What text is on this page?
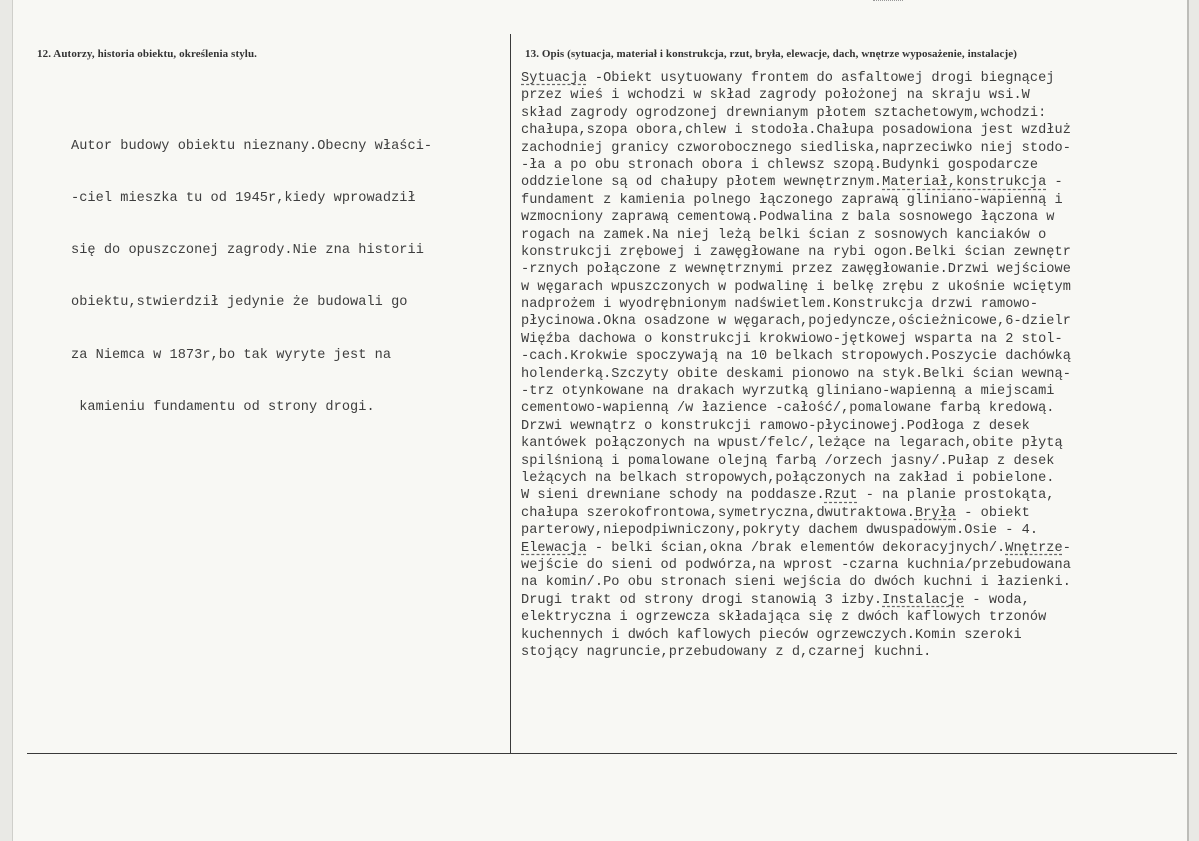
12. Autorzy, historia obiektu, określenia stylu.	13. Opis (sytuacja, materiał i konstrukcja, rzut, bryła, elewacje, dach, wnętrze wyposażenie, instalacje)

Autor budowy obiektu nieznany.Obecny właści-

-ciel mieszka tu od 1945r,kiedy wprowadził

się do opuszczonej zagrody.Nie zna historii

obiektu,stwierdził jedynie że budowali go

za Niemca w 1873r,bo tak wyryte jest na

kamieniu fundamentu od strony drogi.

Sytuacja -Obiekt usytuowany frontem do asfaltowej drogi biegnącej
przez wieś i wchodzi w skład zagrody położonej na skraju wsi.W
skład zagrody ogrodzonej drewnianym płotem sztachetowym,wchodzi:
chałupa,szopa obora,chlew i stodoła.Chałupa posadowiona jest wzdłuż
zachodniej granicy czworobocznego siedliska,naprzeciwko niej stodo-
-ła a po obu stronach obora i chlewsz szopą.Budynki gospodarcze
oddzielone są od chałupy płotem wewnętrznym.Materiał,konstrukcja -
fundament z kamienia polnego łączonego zaprawą gliniano-wapienną i
wzmocniony zaprawą cementową.Podwalina z bala sosnowego łączona w
rogach na zamek.Na niej leżą belki ścian z sosnowych kanciaków o
konstrukcji zrębowej i zawęgłowane na rybi ogon.Belki ścian zewnętr
-rznych połączone z wewnętrznymi przez zawęgłowanie.Drzwi wejściowe
w węgarach wpuszczonych w podwalinę i belkę zrębu z ukośnie wciętym
nadprożem i wyodrębnionym nadświetlem.Konstrukcja drzwi ramowo-
płycinowa.Okna osadzone w węgarach,pojedyncze,ościeżnicowe,6-dzielr
Więźba dachowa o konstrukcji krokwiowo-jętkowej wsparta na 2 stol-
-cach.Krokwie spoczywają na 10 belkach stropowych.Poszycie dachówką
holenderką.Szczyty obite deskami pionowo na styk.Belki ścian wewną-
-trz otynkowane na drakach wyrzutką gliniano-wapienną a miejscami
cementowo-wapienną /w łazience -całość/,pomalowane farbą kredową.
Drzwi wewnątrz o konstrukcji ramowo-płycinowej.Podłoga z desek
kantówek połączonych na wpust/felc/,leżące na legarach,obite płytą
spilśnioną i pomalowane olejną farbą /orzech jasny/.Pułap z desek
leżących na belkach stropowych,połączonych na zakład i pobielone.
W sieni drewniane schody na poddasze.Rzut - na planie prostokąta,
chałupa szerokofrontowa,symetryczna,dwutraktowa.Bryła - obiekt
parterowy,niepodpiwniczony,pokryty dachem dwuspadowym.Osie - 4.
Elewacja - belki ścian,okna /brak elementów dekoracyjnych/.Wnętrze-
wejście do sieni od podwórza,na wprost -czarna kuchnia/przebudowana
na komin/.Po obu stronach sieni wejścia do dwóch kuchni i łazienki.
Drugi trakt od strony drogi stanowią 3 izby.Instalacje - woda,
elektryczna i ogrzewcza składająca się z dwóch kaflowych trzonów
kuchennych i dwóch kaflowych pieców ogrzewczych.Komin szeroki
stojący nagruncie,przebudowany z d,czarnej kuchni.
